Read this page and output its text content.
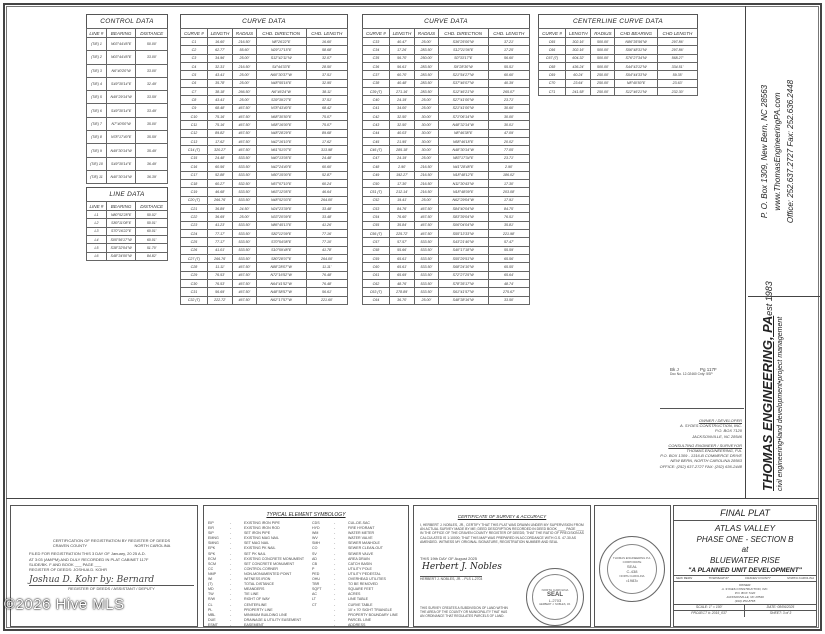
CONTROL DATA
LINE #	BEARING	DISTANCE
(TIE) 1	N03°44'45"E	50.00'
(TIE) 2	N03°44'45"E	33.00'
(TIE) 3	N6°40'20"W	33.00'
(TIE) 4	S49°30'14"E	32.49'
(TIE) 5	N49°29'14"W	33.59'
(TIE) 6	S49°30'14"E	33.49'
(TIE) 7	N7°40'00"W	35.00'
(TIE) 8	N78°17'40"E	35.59'
(TIE) 9	N49°30'14"W	35.49'
(TIE) 10	S49°30'14"E	36.49'
(TIE) 11	N40°30'14"W	36.39'
LINE DATA
LINE #	BEARING	DISTANCE
L1	N80°52'28"E	50.02'
L2	S80°11'08"E	50.01'
L3	S70°16'22"E	60.01'
L4	S05°56'17"W	60.01'
L5	S38°32'04"W	51.70'
L6	S48°34'00"W	84.82'
CURVE DATA
CURVE #	LENGTH	RADIUS	CHD. DIRECTION	CHD. LENGTH
C1	16.60'	216.50'	N8°26'22"E	16.60'
C2	62.77'	55.60'	N29°17'15"E	58.68'
C3	34.96'	25.00'	S12°42'11"W	32.07'
C4	32.31'	216.50'	S4°44'33"E	28.50'
C5	43.41'	25.00'	N60°30'37"W	37.51'
C6	35.78'	25.00'	N48°55'16"E	32.95'
C7	38.18'	266.50'	N6°46'24"W	38.11'
C8	43.41'	25.00'	S39°39'27"E	37.51'
C9	68.48'	467.50'	N78°43'40"E	68.42'
C10	75.16'	467.50'	N68°30'50"E	75.07'
C11	75.16'	467.50'	N58°16'00"E	75.07'
C12	89.82'	467.50'	N48°28'29"E	89.68'
C13	17.62'	467.50'	N42°16'10"E	17.62'
C14 (T)	320.27'	467.50'	N61°51'07"E	313.98'
C15	24.48'	533.50'	N40°13'05"E	24.48'
C16	60.56'	533.50'	N42°24'40"E	60.60'
C17	52.88'	533.50'	N50°15'00"E	52.87'
C18	60.27'	532.50'	N57°07'10"E	60.24'
C19	46.68'	533.50'	N63°12'05"E	46.64'
C20 (T)	266.76'	533.50'	N48°52'03"E	264.00'
C21	36.89'	24.50'	N24°23'39"E	33.48'
C22	36.69'	25.00'	N33°20'09"E	33.48'
C23	41.23'	533.50'	N86°45'13"E	41.26'
C24	77.17'	533.50'	S82°12'09"E	77.16'
C25	77.17'	533.50'	S70°54'08"E	77.10'
C26	41.01'	533.50'	S10°59'48"E	41.78'
C27 (T)	266.76'	533.50'	S80°28'07"E	264.00'
C28	11.11'	467.50'	N88°28'07"W	11.11'
C29	76.53'	467.50'	N72°16'52"W	76.48'
C30	76.53'	467.50'	N64°41'52"W	76.48'
C31	56.69'	467.50'	N48°58'57"W	56.61'
C32 (T)	222.72'	467.50'	N62°17'57"W	221.60'
CURVE DATA
CURVE #	LENGTH	RADIUS	CHD. DIRECTION	CHD. LENGTH
C33	40.47'	25.00'	S36°25'00"W	37.21'
C34	17.26'	283.50'	S12°21'06"E	17.25'
C35	56.70'	250.00'	S0°33'17"E	56.60'
C36	56.61'	283.50'	S9°28'30"W	55.51'
C37	60.70'	283.50'	S21°54'27"W	60.60'
C38	40.48'	283.50'	S37°46'07"W	40.39'
C39 (T)	271.16'	283.50'	S12°46'21"W	265.07'
C40	24.19'	25.00'	S27°41'00"W	23.71'
C41	34.00'	25.00'	S21°41'00"W	30.60'
C42	32.50'	30.00'	S71°06'14"W	30.00'
C43	32.50'	30.00'	N48°32'14"W	30.01'
C44	40.03'	30.00'	N8°46'38"E	47.09'
C45	21.95'	30.00'	N58°46'18"E	20.02'
C46 (T)	285.18'	30.00'	N48°30'14"W	77.05'
C47	24.19'	25.00'	N83°17'34"E	23.71'
C48	2.90'	216.50'	N41°28'48"E	2.90'
C49	192.27'	216.50'	N18°48'12"E	186.02'
C50	17.30'	216.50'	N11°30'43"W	17.30'
C51 (T)	212.14'	216.50'	N18°48'09"E	203.08'
C52	19.41'	25.00'	N62°29'04"W	17.91'
C53	84.76'	467.50'	S84°40'04"W	84.75'
C54	76.60'	467.50'	S83°39'04"W	76.51'
C55	35.84'	467.50'	S06°04'04"W	35.81'
C56 (T)	225.72'	467.50'	S55°13'33"W	221.98'
C57	57.57'	533.50'	S43°21'40"W	57.47'
C58	55.66'	533.50'	S40°17'18"W	55.59'
C59	65.61'	533.50'	S55°29'51"W	65.56'
C60	65.61'	533.50'	S68°24'10"W	65.55'
C61	65.69'	533.50'	S72°27'25"W	65.64'
C62	48.76'	533.50'	S78°35'17"W	48.74'
C63 (T)	278.89'	533.50'	S61°41'57"W	275.67'
C64	36.70'	25.00'	S48°38'16"W	33.50'
CENTERLINE CURVE DATA
CURVE #	LENGTH	RADIUS	CHD BEARING	CHD LENGTH
C65	302.16'	500.00'	N86°35'56"W	297.86'
C66	302.16'	500.00'	S56°48'31"W	297.86'
C67 (T)	604.32'	500.00'	S76°27'34"W	568.27'
C68	436.24'	500.00'	S44°43'12"W	334.51'
C69	60.24'	250.00'	S54°44'33"W	59.35'
C70	23.64'	250.00'	N8°40'50"E	23.63'
C71	241.58'	250.00'	S12°46'21"W	232.30'
THOMAS ENGINEERING, PA
est 1983
civil engineering•land development•project management
P. O. Box 1309, New Bern, NC 28563 www.ThomasEngineeringPA.com Office: 252.637.2727 Fax: 252.636.2448
Bk J	Pg 117F
Doc No. 12-02460 Cnty: 5SP
OWNER / DEVELOPER
A. SYDES CONSTRUCTION, INC.
P.O. BOX 7120
JACKSONVILLE, NC 28546
CONSULTING ENGINEER / SURVEYOR
THOMAS ENGINEERING, P.A.
P.O. BOX 1309 - 1316-B COMMERCE DRIVE
NEW BERN, NORTH CAROLINA 28563
OFFICE: (252) 637-2727 FAX: (252) 636-2448
CERTIFICATION OF REGISTRATION BY REGISTER OF DEEDS
CRAVEN COUNTY	NORTH CAROLINA
FILED FOR REGISTRATION THIS 3 DAY OF January, 20 25 A.D.
AT 3:03 (AM/PM) AND DULY RECORDED IN PLAT CABINET 117F
SLIDE/BK. F AND BOOK ___ PAGE ___
REGISTER OF DEEDS: JOSHUA D. KOHR
Joshua D. Kohr by: Bernard
REGISTER OF DEEDS / ASSISTANT / DEPUTY
TYPICAL ELEMENT SYMBOLOGY
EIP	-	EXISTING IRON PIPE
EIR	-	EXISTING IRON ROD
SIP	-	SET IRON PIPE
EMNG	-	EXISTING MAG NAIL
SMNG	-	SET MAG NAIL
EPK	-	EXISTING PK NAIL
SPK	-	SET PK NAIL
ECM	-	EXISTING CONCRETE MONUMENT
SCM	-	SET CONCRETE MONUMENT
CC	-	CONTROL CORNER
NMP	-	NON-MONUMENTED POINT
WI	-	WITNESS IRON
(T)	-	TOTAL DISTANCE
MD	-	MEANDERS
TW	-	TIE LINE
R/W	-	RIGHT OF WAY
CL	-	CENTERLINE
PL	-	PROPERTY LINE
MBL	-	MINIMUM BUILDING LINE
DUE	-	DRAINAGE & UTILITY EASEMENT
ESMT	-	EASEMENT
CDS	-	CUL-DE-SAC
HYD	-	FIRE HYDRANT
WM	-	WATER METER
WV	-	WATER VALVE
SMH	-	SEWER MANHOLE
CO	-	SEWER CLEAN-OUT
SV	-	SEWER VALVE
AD	-	AREA DRAIN
CB	-	CATCH BASIN
P	-	UTILITY POLE
PED	-	UTILITY PEDESTAL
OHU	-	OVERHEAD UTILITIES
TBR	-	TO BE REMOVED
SQFT	-	SQUARE FEET
AC	-	ACRES
LT	-	LINE TABLE
CT	-	CURVE TABLE
-	10' x 70' SIGHT TRIANGLE
-	PROPERTY BOUNDARY LINE
-	PARCEL LINE
-	ADDRESS
CERTIFICATE OF SURVEY & ACCURACY
I, HERBERT J. NOBLES, JR., CERTIFY THAT THIS PLAT WAS DRAWN UNDER MY SUPERVISION FROM AN ACTUAL SURVEY MADE BY ME; DEED DESCRIPTION RECORDED IN DEED BOOK ____ PAGE ____ IN THE OFFICE OF THE CRAVEN COUNTY REGISTER OF DEEDS; THAT THE RATIO OF PRECISION AS CALCULATED IS 1:10000; THAT THIS MAP WAS PREPARED IN ACCORDANCE WITH G.S. 47-30 AS AMENDED. WITNESS MY ORIGINAL SIGNATURE, REGISTRATION NUMBER AND SEAL
THIS 19th DAY OF August 2025
Herbert J. Nobles
HERBERT J. NOBLES, JR. - PLS L-2703
THIS SURVEY CREATES A SUBDIVISION OF LAND WITHIN THE AREA OF THE COUNTY OR MUNICIPALITY THAT HAS AN ORDINANCE THAT REGULATES PARCELS OF LAND.
NORTH CAROLINA
SEAL
L-2703
HERBERT J. NOBLES, JR.
THOMAS ENGINEERING P.A.
CORPORATE
SEAL
C-438
NORTH CAROLINA
•1983•
FINAL PLAT
ATLAS VALLEY
PHASE ONE - SECTION B
at
BLUEWATER RISE
"A PLANNED UNIT DEVELOPMENT"
NEW BERN	TOWNSHIP #7	CRAVEN COUNTY	NORTH CAROLINA
OWNER:
A. SYDES CONSTRUCTION, INC.
P.O. BOX 7120
JACKSONVILLE, NC 28546
(910) 353-8765
SCALE: 1" = 100'	DATE: 08/06/2025
PROJECT #: 2015_037	SHEET: 3 of 3
©2026 Hive MLS
